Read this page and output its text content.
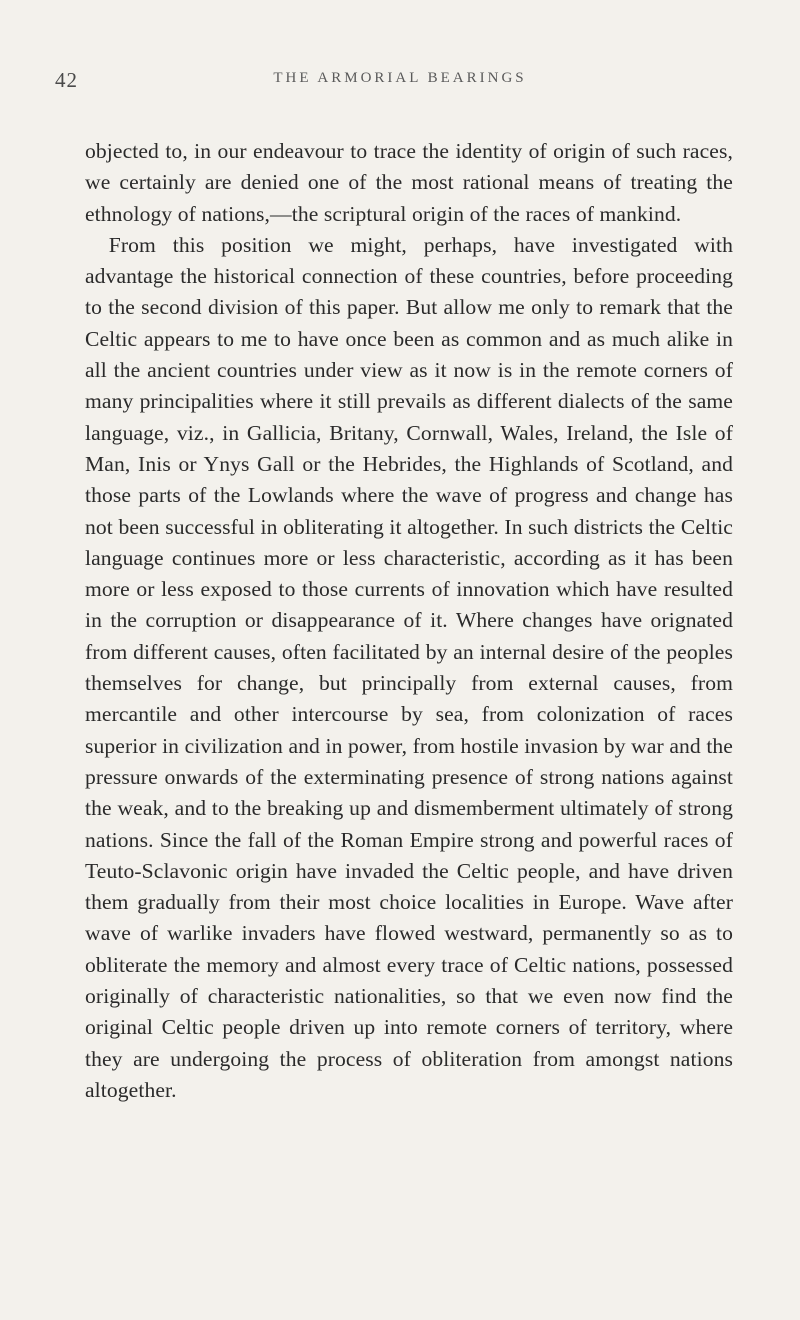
42	THE ARMORIAL BEARINGS

objected to, in our endeavour to trace the identity of origin of such races, we certainly are denied one of the most rational means of treating the ethnology of nations,—the scriptural origin of the races of mankind.

From this position we might, perhaps, have investigated with advantage the historical connection of these countries, before proceeding to the second division of this paper. But allow me only to remark that the Celtic appears to me to have once been as common and as much alike in all the ancient countries under view as it now is in the remote corners of many principalities where it still prevails as different dialects of the same language, viz., in Gallicia, Britany, Cornwall, Wales, Ireland, the Isle of Man, Inis or Ynys Gall or the Hebrides, the Highlands of Scotland, and those parts of the Lowlands where the wave of progress and change has not been successful in obliterating it altogether. In such districts the Celtic language continues more or less characteristic, according as it has been more or less exposed to those currents of innovation which have resulted in the corruption or disappearance of it. Where changes have orignated from different causes, often facilitated by an internal desire of the peoples themselves for change, but principally from external causes, from mercantile and other intercourse by sea, from colonization of races superior in civilization and in power, from hostile invasion by war and the pressure onwards of the exterminating presence of strong nations against the weak, and to the breaking up and dismemberment ultimately of strong nations. Since the fall of the Roman Empire strong and powerful races of Teuto-Sclavonic origin have invaded the Celtic people, and have driven them gradually from their most choice localities in Europe. Wave after wave of warlike invaders have flowed westward, permanently so as to obliterate the memory and almost every trace of Celtic nations, possessed originally of characteristic nationalities, so that we even now find the original Celtic people driven up into remote corners of territory, where they are undergoing the process of obliteration from amongst nations altogether.
